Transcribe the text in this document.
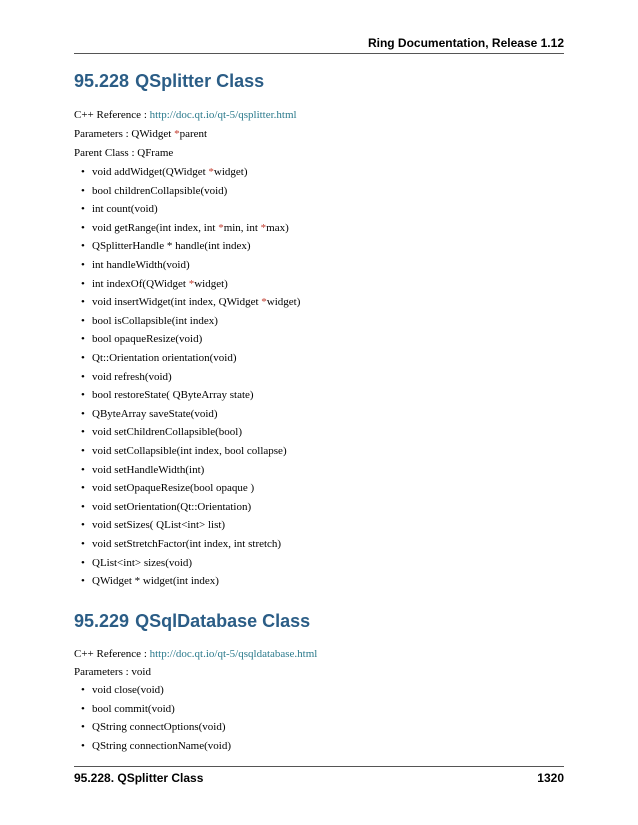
Ring Documentation, Release 1.12
95.228 QSplitter Class

C++ Reference : http://doc.qt.io/qt-5/qsplitter.html

Parameters : QWidget *parent

Parent Class : QFrame

• void addWidget(QWidget *widget)
• bool childrenCollapsible(void)
• int count(void)
• void getRange(int index, int *min, int *max)
• QSplitterHandle * handle(int index)
• int handleWidth(void)
• int indexOf(QWidget *widget)
• void insertWidget(int index, QWidget *widget)
• bool isCollapsible(int index)
• bool opaqueResize(void)
• Qt::Orientation orientation(void)
• void refresh(void)
• bool restoreState( QByteArray state)
• QByteArray saveState(void)
• void setChildrenCollapsible(bool)
• void setCollapsible(int index, bool collapse)
• void setHandleWidth(int)
• void setOpaqueResize(bool opaque )
• void setOrientation(Qt::Orientation)
• void setSizes( QList<int> list)
• void setStretchFactor(int index, int stretch)
• QList<int> sizes(void)
• QWidget * widget(int index)
95.229 QSqlDatabase Class

C++ Reference : http://doc.qt.io/qt-5/qsqldatabase.html

Parameters : void

• void close(void)
• bool commit(void)
• QString connectOptions(void)
• QString connectionName(void)
95.228. QSplitter Class	1320
